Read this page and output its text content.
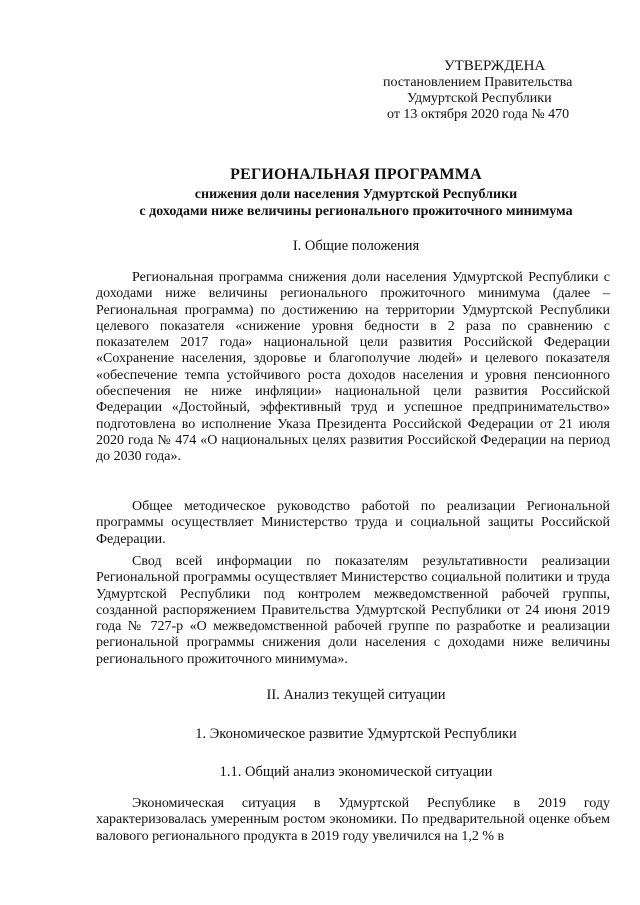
УТВЕРЖДЕНА
постановлением Правительства
Удмуртской Республики
от 13 октября 2020 года № 470
РЕГИОНАЛЬНАЯ ПРОГРАММА
снижения доли населения Удмуртской Республики
с доходами ниже величины регионального прожиточного минимума
I. Общие положения
Региональная программа снижения доли населения Удмуртской Республики с доходами ниже величины регионального прожиточного минимума (далее – Региональная программа) по достижению на территории Удмуртской Республики целевого показателя «снижение уровня бедности в 2 раза по сравнению с показателем 2017 года» национальной цели развития Российской Федерации «Сохранение населения, здоровье и благополучие людей» и целевого показателя «обеспечение темпа устойчивого роста доходов населения и уровня пенсионного обеспечения не ниже инфляции» национальной цели развития Российской Федерации «Достойный, эффективный труд и успешное предпринимательство» подготовлена во исполнение Указа Президента Российской Федерации от 21 июля 2020 года № 474 «О национальных целях развития Российской Федерации на период до 2030 года».
Общее методическое руководство работой по реализации Региональной программы осуществляет Министерство труда и социальной защиты Российской Федерации.
Свод всей информации по показателям результативности реализации Региональной программы осуществляет Министерство социальной политики и труда Удмуртской Республики под контролем межведомственной рабочей группы, созданной распоряжением Правительства Удмуртской Республики от 24 июня 2019 года № 727-р «О межведомственной рабочей группе по разработке и реализации региональной программы снижения доли населения с доходами ниже величины регионального прожиточного минимума».
II. Анализ текущей ситуации
1. Экономическое развитие Удмуртской Республики
1.1. Общий анализ экономической ситуации
Экономическая ситуация в Удмуртской Республике в 2019 году характеризовалась умеренным ростом экономики. По предварительной оценке объем валового регионального продукта в 2019 году увеличился на 1,2 % в
